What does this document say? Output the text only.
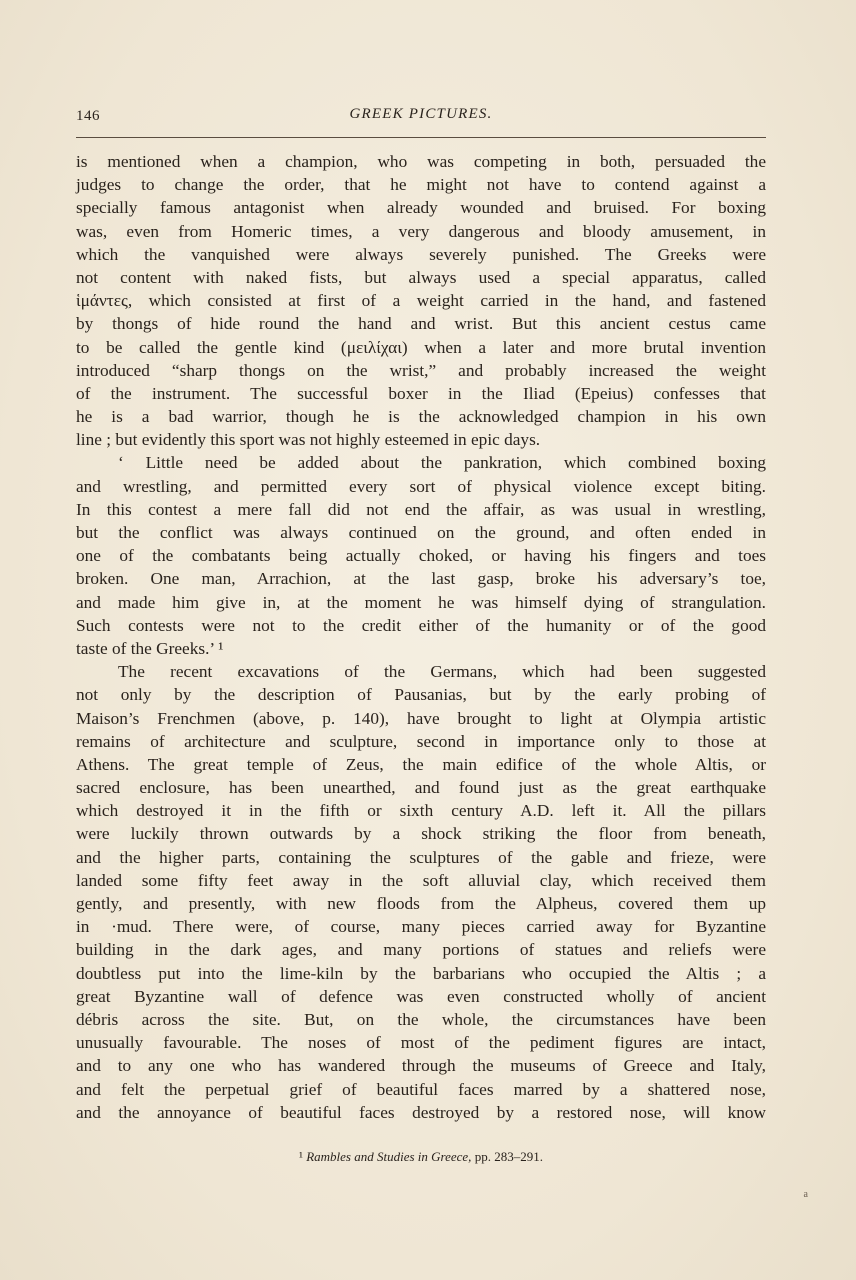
146	GREEK PICTURES.
is mentioned when a champion, who was competing in both, persuaded the
judges to change the order, that he might not have to contend against a
specially famous antagonist when already wounded and bruised. For boxing
was, even from Homeric times, a very dangerous and bloody amusement, in
which the vanquished were always severely punished. The Greeks were
not content with naked fists, but always used a special apparatus, called
ἱμάντες, which consisted at first of a weight carried in the hand, and fastened
by thongs of hide round the hand and wrist. But this ancient cestus came
to be called the gentle kind (μειλίχαι) when a later and more brutal invention
introduced “sharp thongs on the wrist,” and probably increased the weight
of the instrument. The successful boxer in the Iliad (Epeius) confesses that
he is a bad warrior, though he is the acknowledged champion in his own
line ; but evidently this sport was not highly esteemed in epic days.
‘ Little need be added about the pankration, which combined boxing
and wrestling, and permitted every sort of physical violence except biting.
In this contest a mere fall did not end the affair, as was usual in wrestling,
but the conflict was always continued on the ground, and often ended in
one of the combatants being actually choked, or having his fingers and toes
broken. One man, Arrachion, at the last gasp, broke his adversary’s toe,
and made him give in, at the moment he was himself dying of strangulation.
Such contests were not to the credit either of the humanity or of the good
taste of the Greeks.’ ¹
The recent excavations of the Germans, which had been suggested
not only by the description of Pausanias, but by the early probing of
Maison’s Frenchmen (above, p. 140), have brought to light at Olympia artistic
remains of architecture and sculpture, second in importance only to those at
Athens. The great temple of Zeus, the main edifice of the whole Altis, or
sacred enclosure, has been unearthed, and found just as the great earthquake
which destroyed it in the fifth or sixth century A.D. left it. All the pillars
were luckily thrown outwards by a shock striking the floor from beneath,
and the higher parts, containing the sculptures of the gable and frieze, were
landed some fifty feet away in the soft alluvial clay, which received them
gently, and presently, with new floods from the Alpheus, covered them up
in ·mud. There were, of course, many pieces carried away for Byzantine
building in the dark ages, and many portions of statues and reliefs were
doubtless put into the lime-kiln by the barbarians who occupied the Altis ; a
great Byzantine wall of defence was even constructed wholly of ancient
débris across the site. But, on the whole, the circumstances have been
unusually favourable. The noses of most of the pediment figures are intact,
and to any one who has wandered through the museums of Greece and Italy,
and felt the perpetual grief of beautiful faces marred by a shattered nose,
and the annoyance of beautiful faces destroyed by a restored nose, will know
¹ Rambles and Studies in Greece, pp. 283–291.
a
